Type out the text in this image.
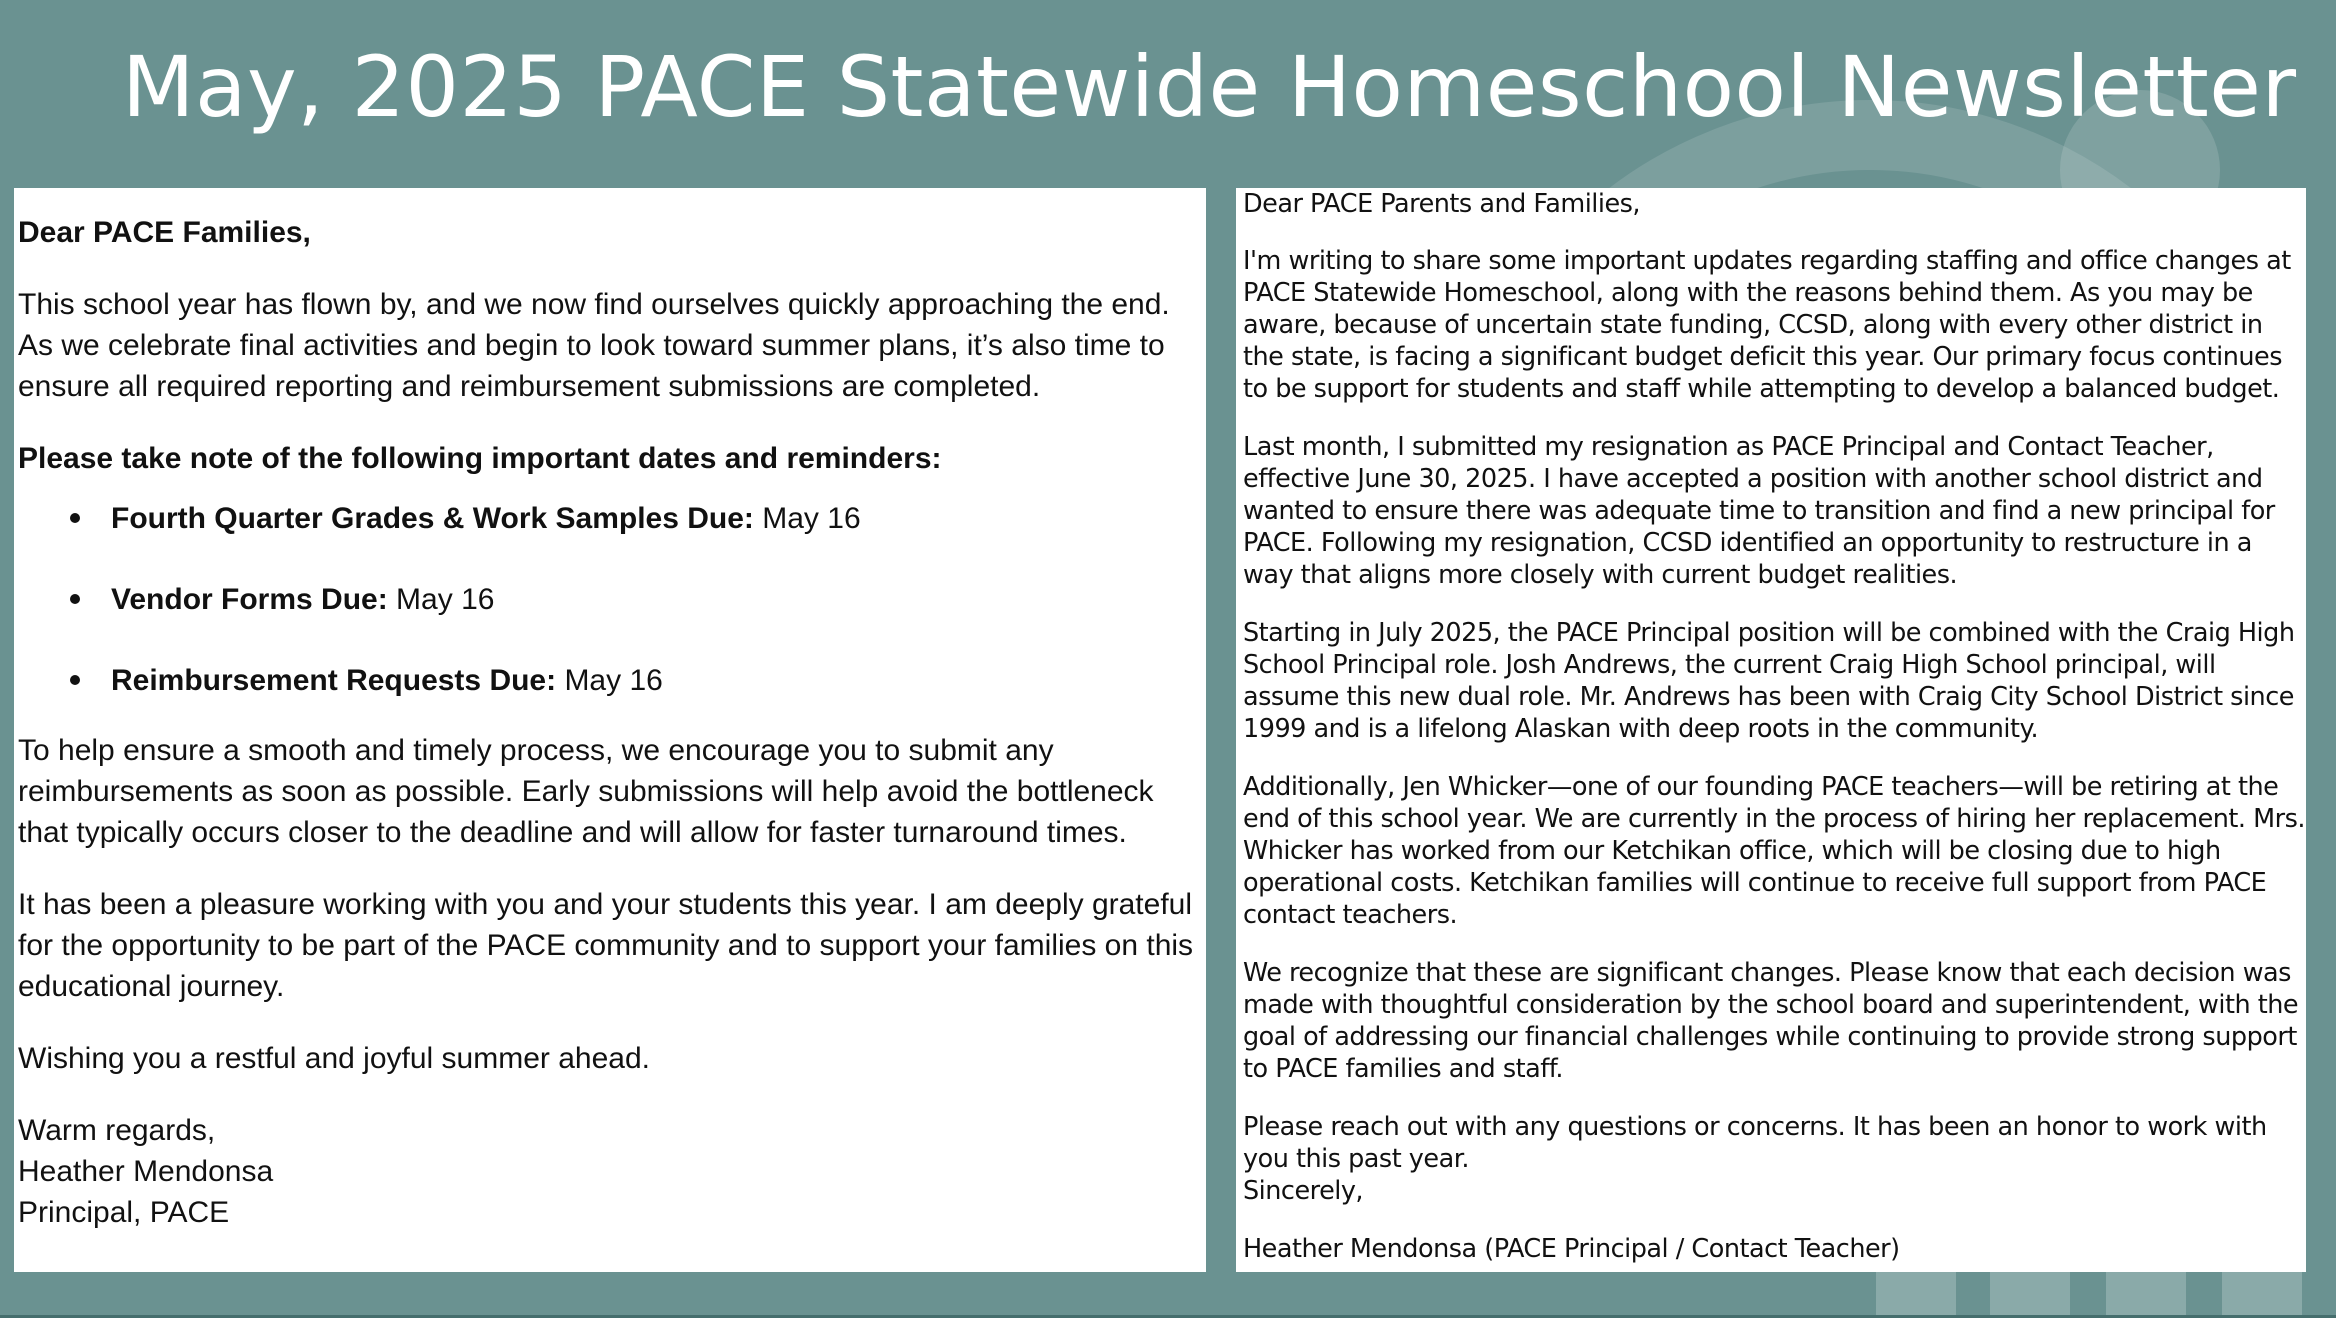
May, 2025 PACE Statewide Homeschool Newsletter

Dear PACE Families,

This school year has flown by, and we now find ourselves quickly approaching the end. As we celebrate final activities and begin to look toward summer plans, it’s also time to ensure all required reporting and reimbursement submissions are completed.

Please take note of the following important dates and reminders:

Fourth Quarter Grades & Work Samples Due: May 16
Vendor Forms Due: May 16
Reimbursement Requests Due: May 16

To help ensure a smooth and timely process, we encourage you to submit any reimbursements as soon as possible. Early submissions will help avoid the bottleneck that typically occurs closer to the deadline and will allow for faster turnaround times.

It has been a pleasure working with you and your students this year. I am deeply grateful for the opportunity to be part of the PACE community and to support your families on this educational journey.

Wishing you a restful and joyful summer ahead.

Warm regards,
Heather Mendonsa
Principal, PACE

Dear PACE Parents and Families,

I'm writing to share some important updates regarding staffing and office changes at PACE Statewide Homeschool, along with the reasons behind them. As you may be aware, because of uncertain state funding, CCSD, along with every other district in the state, is facing a significant budget deficit this year. Our primary focus continues to be support for students and staff while attempting to develop a balanced budget.

Last month, I submitted my resignation as PACE Principal and Contact Teacher, effective June 30, 2025. I have accepted a position with another school district and wanted to ensure there was adequate time to transition and find a new principal for PACE. Following my resignation, CCSD identified an opportunity to restructure in a way that aligns more closely with current budget realities.

Starting in July 2025, the PACE Principal position will be combined with the Craig High School Principal role. Josh Andrews, the current Craig High School principal, will assume this new dual role. Mr. Andrews has been with Craig City School District since 1999 and is a lifelong Alaskan with deep roots in the community.

Additionally, Jen Whicker—one of our founding PACE teachers—will be retiring at the end of this school year. We are currently in the process of hiring her replacement. Mrs. Whicker has worked from our Ketchikan office, which will be closing due to high operational costs. Ketchikan families will continue to receive full support from PACE contact teachers.

We recognize that these are significant changes. Please know that each decision was made with thoughtful consideration by the school board and superintendent, with the goal of addressing our financial challenges while continuing to provide strong support to PACE families and staff.

Please reach out with any questions or concerns. It has been an honor to work with you this past year.
Sincerely,

Heather Mendonsa (PACE Principal / Contact Teacher)
